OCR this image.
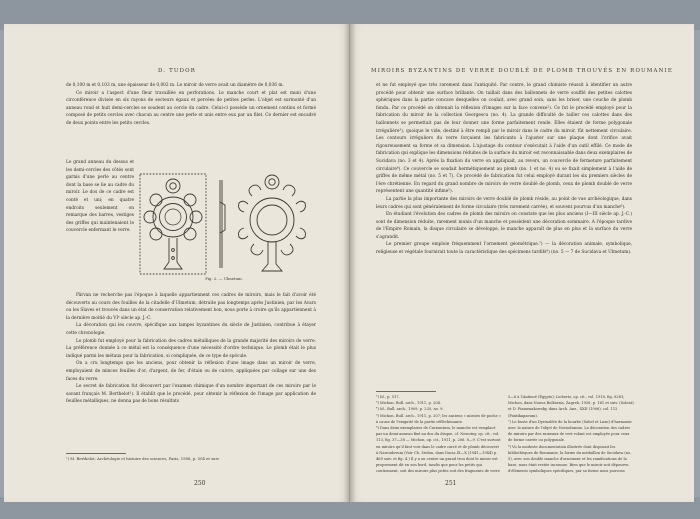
D. TUDOR

de 0,100 m et 0,103 m, une épaisseur de 0,002 m. Le miroir de verre avait un diamètre de 0,036 m.

Ce miroir a l'aspect d'une fleur travaillée en perforations. Le manche court et plat est muni d'une circonférence divisée en six rayons de secteurs égaux et percées de petites perles. L'objet est surmonté d'un anneau rond et huit demi-cercles se soudent au cercle du cadre. Celui-ci possède un ornement continu et formé composé de petits cercles avec chacun au centre une perle et unis entre eux par un filet. Ce dernier est encadré de deux points entre les petits cercles.

Le grand anneau du dessus et les demi-cercles des côtés sont garnis d'une perle au centre dont la base se lie au cadre du miroir. Le dos de ce cadre est conté et uni; en quatre endroits seulement on remarque des barres, vestiges des griffes qui maintenaient le couvercle enfermant le verre.
Fig. 2. — Ulmetum.

Pârvan ne recherche pas l'époque à laquelle appartiennent ces cadres de miroirs, mais le fait d'avoir été découverts au cours des fouilles de la citadelle d'Ulmetum, détruite pas longtemps après Justinien, par les Avars ou les Slaves et trouvés dans un état de conservation relativement bon, nous porte à croire qu'ils appartiennent à la dernière moitié du VIᵉ siècle ap. J.-C.

La décoration qui les couvre, spécifique aux lampes byzantines du siècle de Justinien, contribue à étayer cette chronologie.

Le plomb fut employé pour la fabrication des cadres métalliques de la grande majorité des miroirs de verre. La préférence donnée à ce métal est la conséquence d'une nécessité d'ordre technique. Le plomb était le plus indiqué parmi les métaux pour la fabrication, si compliquée, de ce type de spécule.

On a cru longtemps que les anciens, pour obtenir la réflexion d'une image dans un miroir de verre, employaient de minces feuilles d'or, d'argent, de fer, d'étain ou de cuivre, appliquées par collage sur une des faces du verre.

Le secret de fabrication fut découvert par l'examen chimique d'un nombre important de ces miroirs par le savant français M. Berthelot¹). Il établit que le procédé, pour obtenir la réflexion de l'image par application de feuilles métalliques, ne donna pas de bons résultats

¹) M. Berthelot, Archéologie et histoire des sciences, Paris, 1906, p. 504 et suiv.
250
MIROIRS BYZANTINS DE VERRE DOUBLÉ DE PLOMB TROUVÉS EN ROUMANIE

et ne fut employé que très rarement dans l'antiquité. Par contre, le grand chimiste réussit à identifier un autre procédé pour obtenir une surface brillante. On taillait dans des ballonnets de verre soufflé des petites calottes sphériques dans la partie concave desquelles on coulait, avec grand soin, sans les briser, une couche de plomb fondu. Par ce procédé on obtenait la réflexion d'images sur la face convexe²). Ce fut le procédé employé pour la fabrication du miroir de la collection Georgescu (no. 4). La grande difficulté de tailler ces calottes dans des ballonnets se permettait pas de leur donner une forme parfaitement ronde. Elles étaient de forme polygonale irrégulière³), quoique le vide, destiné à être rempli par le miroir dans le cadre du miroir, fût nettement circulaire. Les contours irréguliers du verre forçaient les fabricants à l'ajuster sur une plaque dont l'orifice avait rigoureusement sa forme et sa dimension. L'ajustage du contour s'exécutait à l'aide d'un outil effilé. Ce mode de fabrication qui explique les dimensions réduites de la surface du miroir est reconnaissable dans deux exemplaires de Sucidava (no. 3 et 4). Après la fixation du verre on appliquait, au revers, un couvercle de fermeture parfaitement circulaire⁴). Ce couvercle se soudait hermétiquement au plomb (no. 1 et no. 4) ou se fixait simplement à l'aide de griffes de même métal (no. 5 et 7). Ce procédé de fabrication fut celui employé durant les six premiers siècles de l'ère chrétienne. En regard du grand nombre de miroirs de verre doublé de plomb, ceux de plomb doublé de verre représentent une quantité infime⁵).

La partie la plus importante des miroirs de verre doublé de plomb réside, au point de vue archéologique, dans leurs cadres qui sont généralement de forme circulaire (très rarement carrée), et souvent pourvus d'un manche⁶).

En étudiant l'évolution des cadres de plomb des miroirs on constate que les plus anciens (I—III siècle ap. J.-C.) sont de dimension réduite, rarement munis d'un manche et possèdent une décoration sommaire. A l'époque tardive de l'Empire Romain, la disque circulaire se développe, le manche apparaît de plus en plus et la surface du verre s'agrandit.

Le premier groupe emploie fréquemment l'ornement géométrique.⁷) — la décoration animale, symbolique, religieuse et végétale fournirait toute la caractéristique des spécimens tardifs⁸) (no. 5 — 7 de Sucidava et Ulmetum).

²) Id., p. 517.
³) Michon, Bull. arch., 1911, p. 204.
⁴) Id., Bull. arch., 1909, p. 235, no. 9.
⁵) Michon, Bull. arch., 1911, p. 207; les anciens « miroirs de poche » à cause de l'exiguïté de la partie réfléchissante.
⁶) Dans deux exemplaires de Carnuntum, le manche est remplacé par un demi-anneau fixé au dos du disque, cf. Nowotny, op. cit., vol. 113, fig. 37—38 — Michon, op. cit., 1911, p. 206. 8—9. C'est surtout en miroirs qu'il faut voir dans le cadre carré et de plomb découvert à Naroudovum (Voir Ch. Stefan, dans Dacia IX—X (1941—1944) p. 469 suiv. et fig. 4.) Il y a au centre un grand trou dont le miroir est proprement dit en son bord, tandis que pour les petits qui contiennent, soit des miroirs plus petits soit des fragments de verre
5—6 à l'Antinoë (Égypte); Lichertz, op. cit., vol. 1918, fig. 8281; Michon, dans Nouva Bulžarzia, Zagreb, 1928, p. 161 et suiv. (Solent) et D. Piamenakowsky, dans Arch. Anz., XXII (1906), col. 112 (Pantikapaeum).
⁷) Le buste d'un Dyrinolète de la bourbe (Sahel et Luxe) d'harmonie avec la nature de l'objet de Noviodunum. La décoration des cadres de miroirs par des rameaux de vert volant est employée pour ceux de forme carrée ou polygonale.
⁸) Vu la modeste documentation illustrée dont disposait les bibliothèques de Roumanie, la forme du médaillon de Sucidava (no. 5), avec son double manche d'ornement et les ramifications de la base, nous était restée inconnue. Bien que le miroir soit dépourvu d'éléments symboliques spécifiques, par sa forme nous pouvons
251
